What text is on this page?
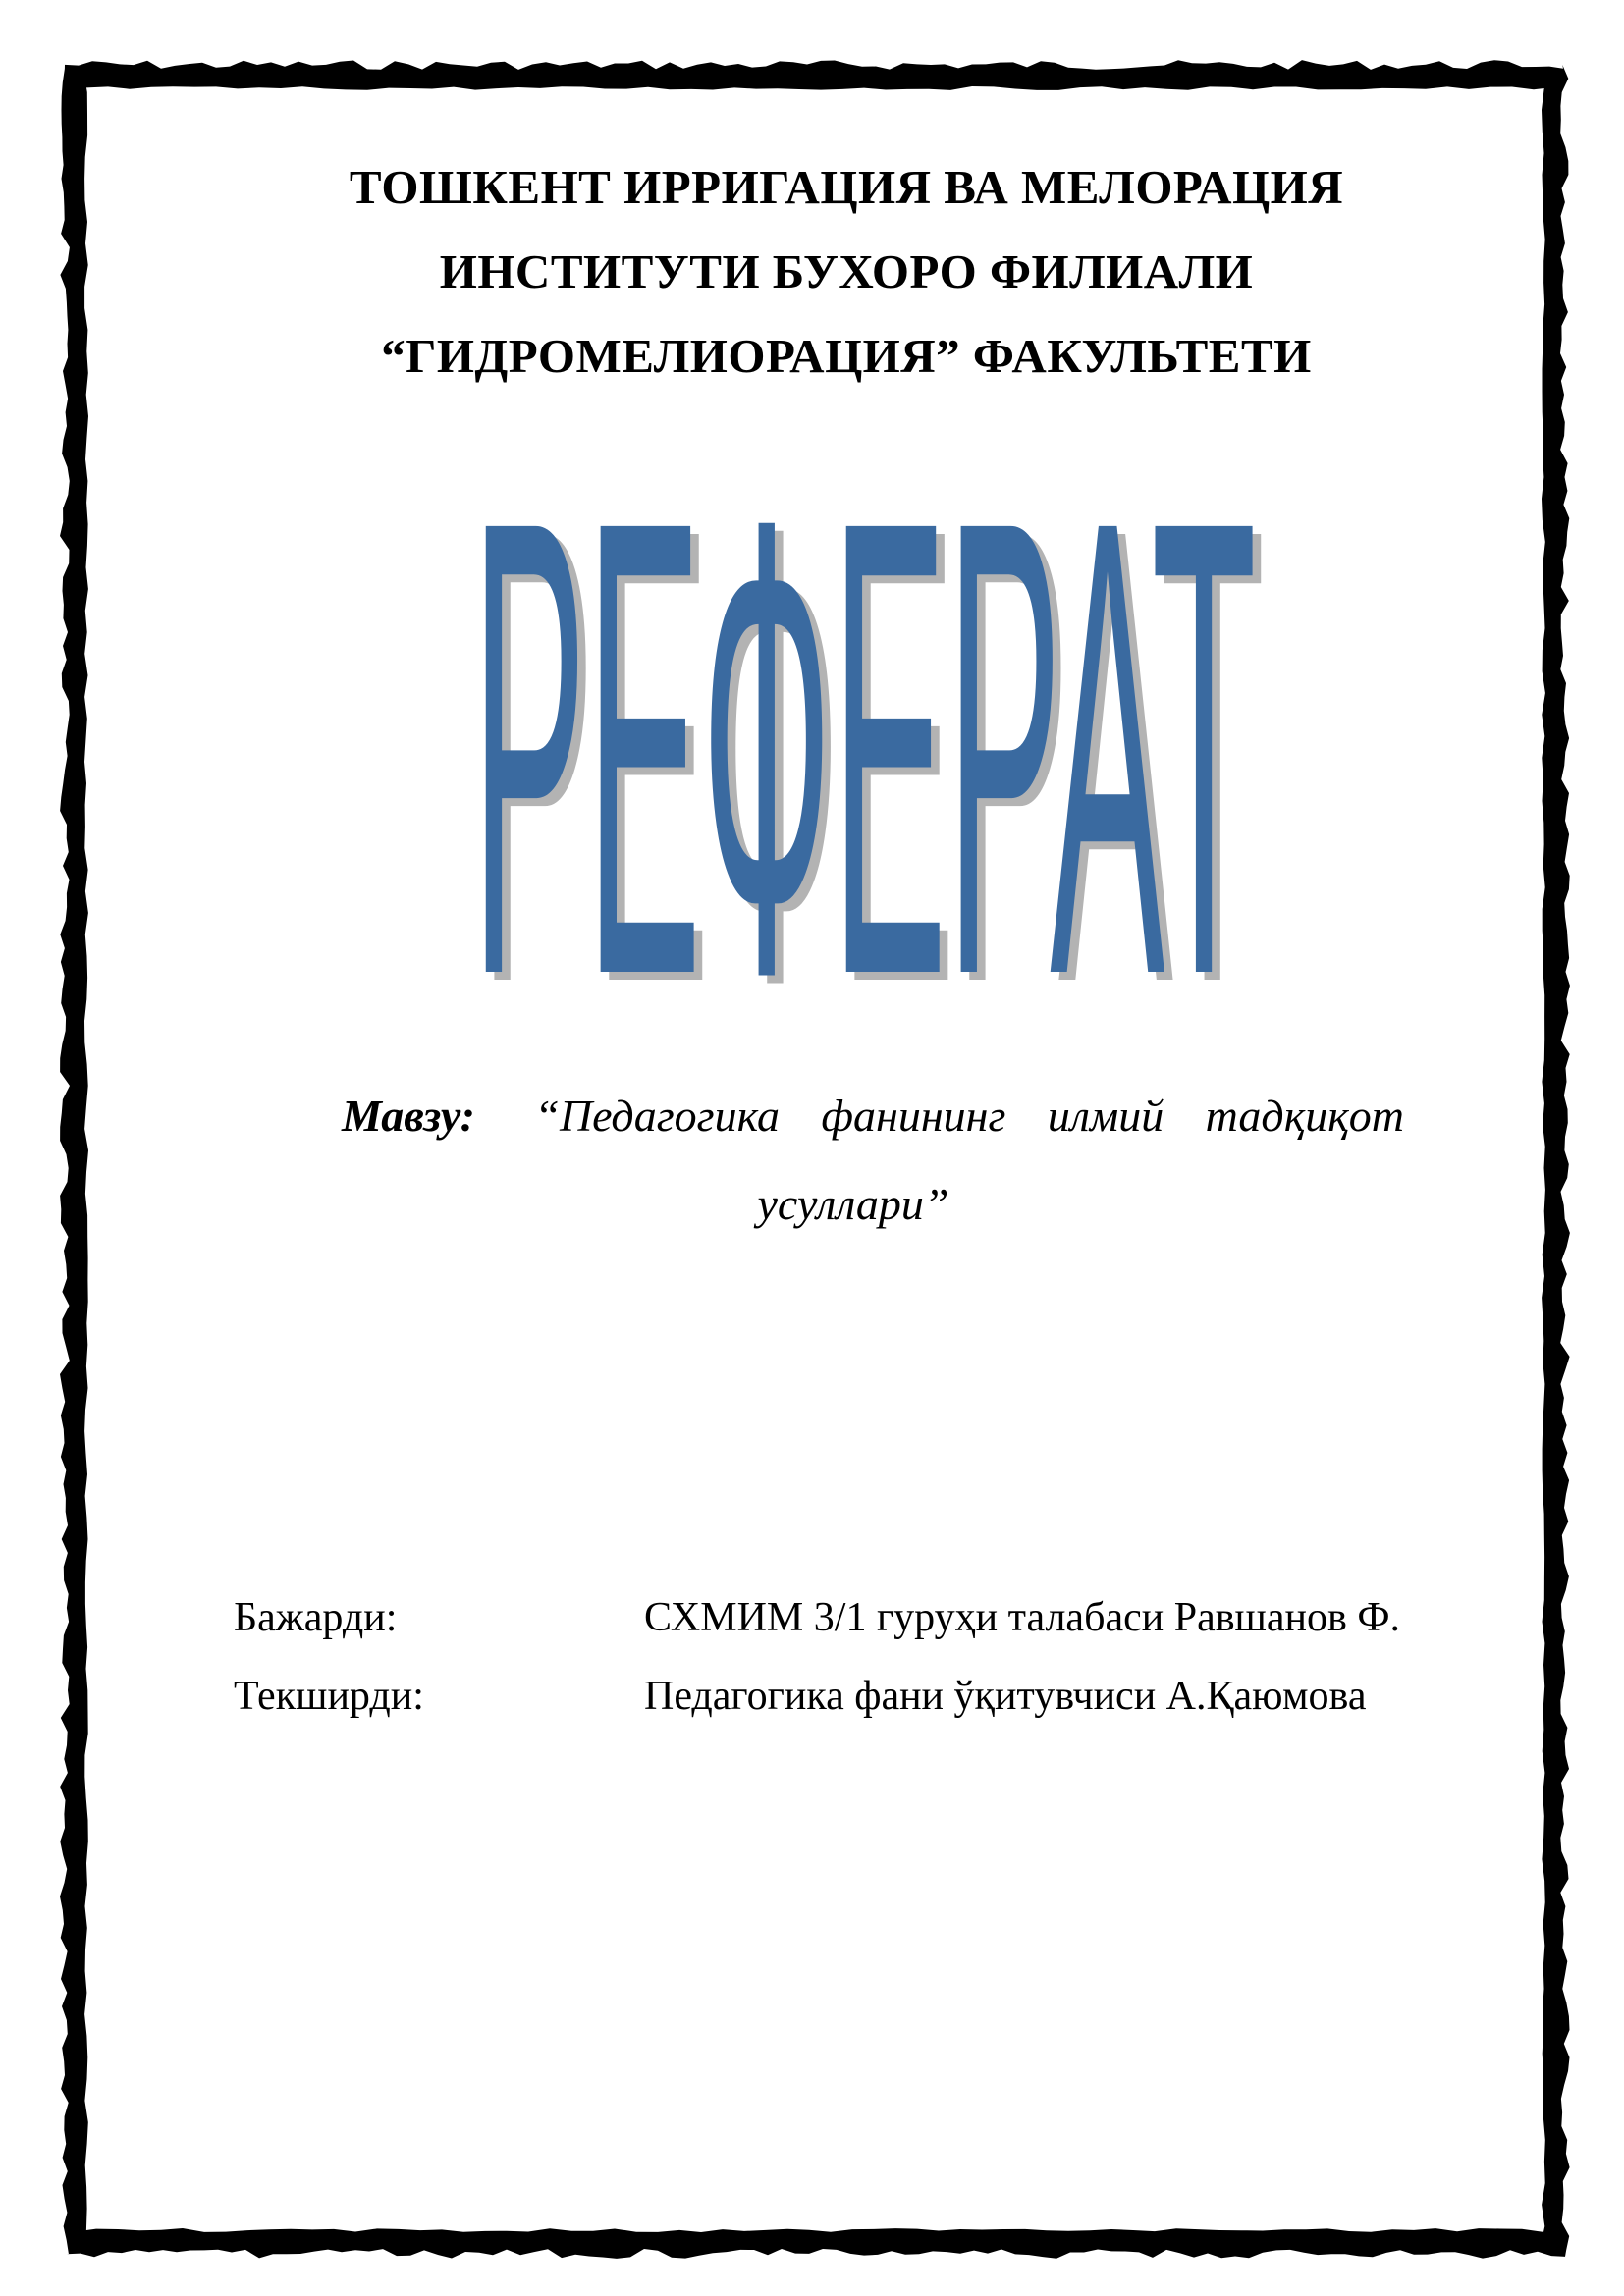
ТОШКЕНТ ИРРИГАЦИЯ ВА МЕЛОРАЦИЯ
ИНСТИТУТИ БУХОРО ФИЛИАЛИ
“ГИДРОМЕЛИОРАЦИЯ” ФАКУЛЬТЕТИ
РЕФЕРАТ
РЕФЕРАТ
Мавзу: “Педагогика фанининг илмий тадқиқот
усуллари”
Бажарди:	СХМИМ 3/1 гуруҳи талабаси Равшанов Ф.
Текширди:	Педагогика фани ўқитувчиси А.Қаюмова
